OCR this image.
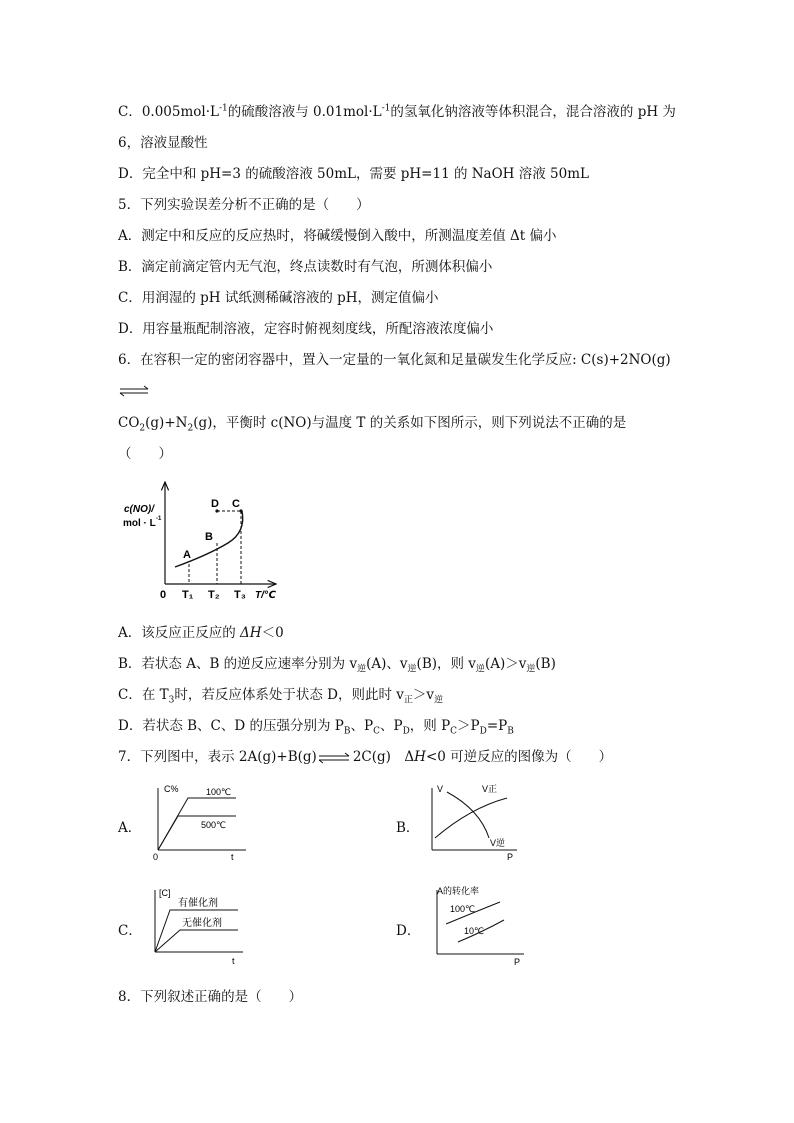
C．$0.005mol\cdot L^{-1}$的硫酸溶液与 $0.01mol\cdot L^{-1}$的氢氧化钠溶液等体积混合，混合溶液的 pH 为
6，溶液显酸性
D．完全中和 pH=3 的硫酸溶液 50mL，需要 pH=11 的 NaOH 溶液 50mL
5．下列实验误差分析不正确的是（　　）
A．测定中和反应的反应热时，将碱缓慢倒入酸中，所测温度差值 Δt 偏小
B．滴定前滴定管内无气泡，终点读数时有气泡，所测体积偏小
C．用润湿的 pH 试纸测稀碱溶液的 pH，测定值偏小
D．用容量瓶配制溶液，定容时俯视刻度线，所配溶液浓度偏小
6．在容积一定的密闭容器中，置入一定量的一氧化氮和足量碳发生化学反应: C(s)+2NO(g)
$CO_2(g)+N_2(g)$，平衡时 c(NO)与温度 T 的关系如下图所示，则下列说法不正确的是
（　　）
c(NO)/
mol · L -1
0 T₁ T₂ T₃ T/℃
A
B
D C
A．该反应正反应的 ΔH＜0
B．若状态 A、B 的逆反应速率分别为 $v_逆(A)$、$v_逆(B)$，则 $v_逆(A)>v_逆(B)$
C．在 $T_3$时，若反应体系处于状态 D，则此时 $v_正>v_逆$
D．若状态 B、C、D 的压强分别为 $P_B$、$P_C$、$P_D$，则 $P_C>P_D=P_B$
7．下列图中，表示 2A(g)+B(g)⇌2C(g)　ΔH<0 可逆反应的图像为（　　）
A．
C%
0	t
100℃
500℃	B．
V
P
V正
V逆
C．
[C]
t
有催化剂
无催化剂	D．
A的转化率
P
100℃
10℃
8．下列叙述正确的是（　　）
